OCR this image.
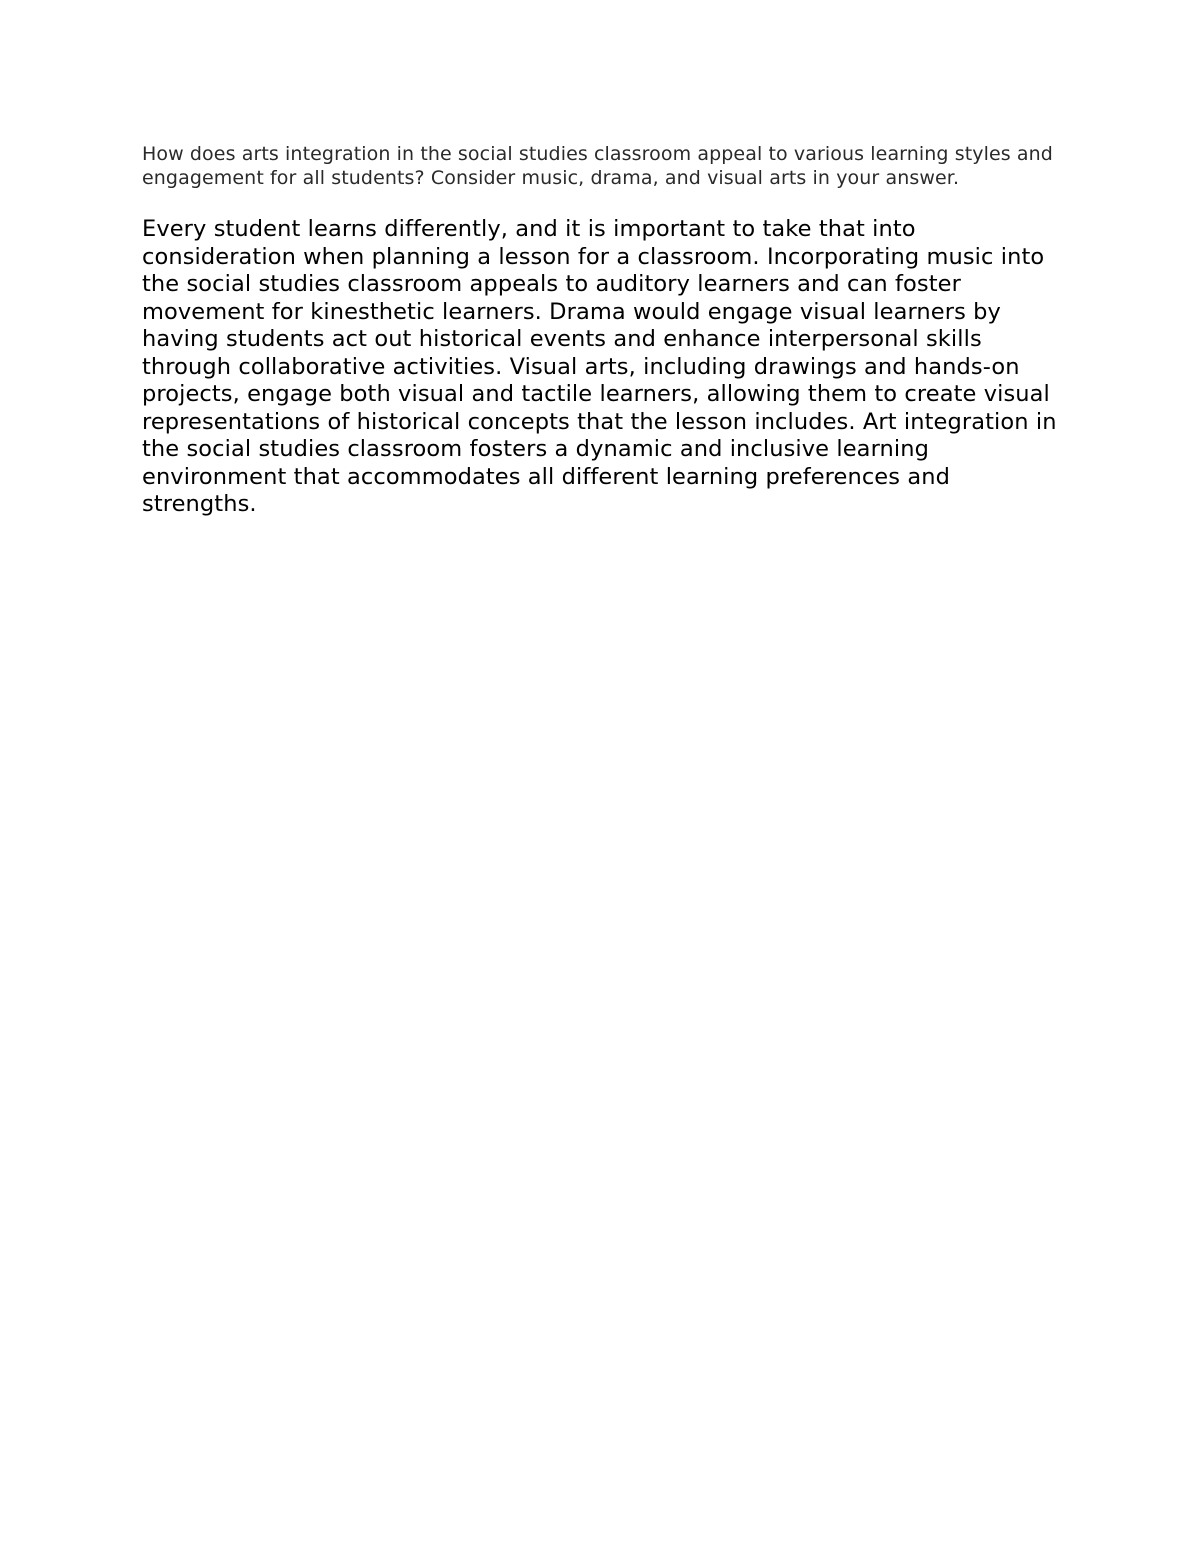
How does arts integration in the social studies classroom appeal to various learning styles and engagement for all students? Consider music, drama, and visual arts in your answer.

Every student learns differently, and it is important to take that into consideration when planning a lesson for a classroom. Incorporating music into the social studies classroom appeals to auditory learners and can foster movement for kinesthetic learners. Drama would engage visual learners by having students act out historical events and enhance interpersonal skills through collaborative activities. Visual arts, including drawings and hands-on projects, engage both visual and tactile learners, allowing them to create visual representations of historical concepts that the lesson includes. Art integration in the social studies classroom fosters a dynamic and inclusive learning environment that accommodates all different learning preferences and strengths.
